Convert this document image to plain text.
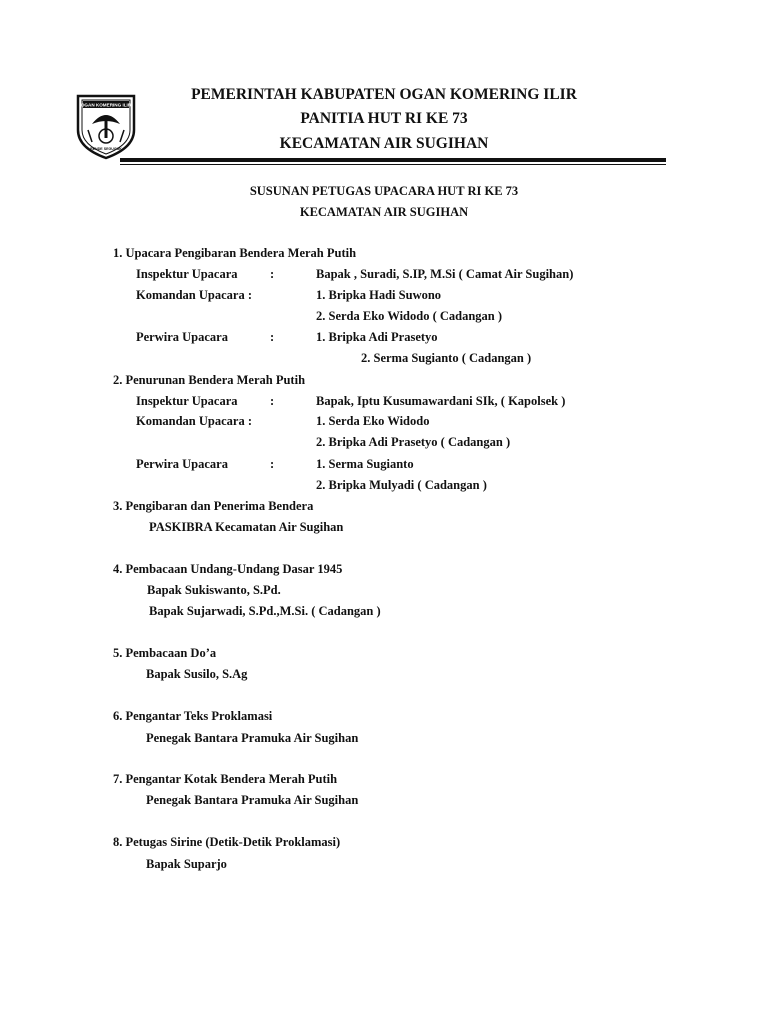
OGAN KOMERING ILIR
BENDE SEGUGUK
PEMERINTAH KABUPATEN OGAN KOMERING ILIR
PANITIA HUT RI KE 73
KECAMATAN AIR SUGIHAN
SUSUNAN PETUGAS UPACARA HUT RI KE 73
KECAMATAN AIR SUGIHAN
1. Upacara Pengibaran Bendera Merah Putih
Inspektur Upacara	:	Bapak , Suradi, S.IP, M.Si ( Camat Air Sugihan)
Komandan Upacara :	1. Bripka Hadi Suwono
2. Serda Eko Widodo ( Cadangan )
Perwira Upacara	:	1. Bripka Adi Prasetyo
2. Serma Sugianto ( Cadangan )
2. Penurunan Bendera Merah Putih
Inspektur Upacara	:	Bapak, Iptu Kusumawardani SIk, ( Kapolsek )
Komandan Upacara :	1. Serda Eko Widodo
2. Bripka Adi Prasetyo ( Cadangan )
Perwira Upacara	:	1. Serma Sugianto
2. Bripka Mulyadi ( Cadangan )
3. Pengibaran dan Penerima Bendera
PASKIBRA Kecamatan Air Sugihan
4. Pembacaan Undang-Undang Dasar 1945
Bapak Sukiswanto, S.Pd.
Bapak Sujarwadi, S.Pd.,M.Si. ( Cadangan )
5. Pembacaan Do’a
Bapak Susilo, S.Ag
6. Pengantar Teks Proklamasi
Penegak Bantara Pramuka Air Sugihan
7. Pengantar Kotak Bendera Merah Putih
Penegak Bantara Pramuka Air Sugihan
8. Petugas Sirine (Detik-Detik Proklamasi)
Bapak Suparjo
